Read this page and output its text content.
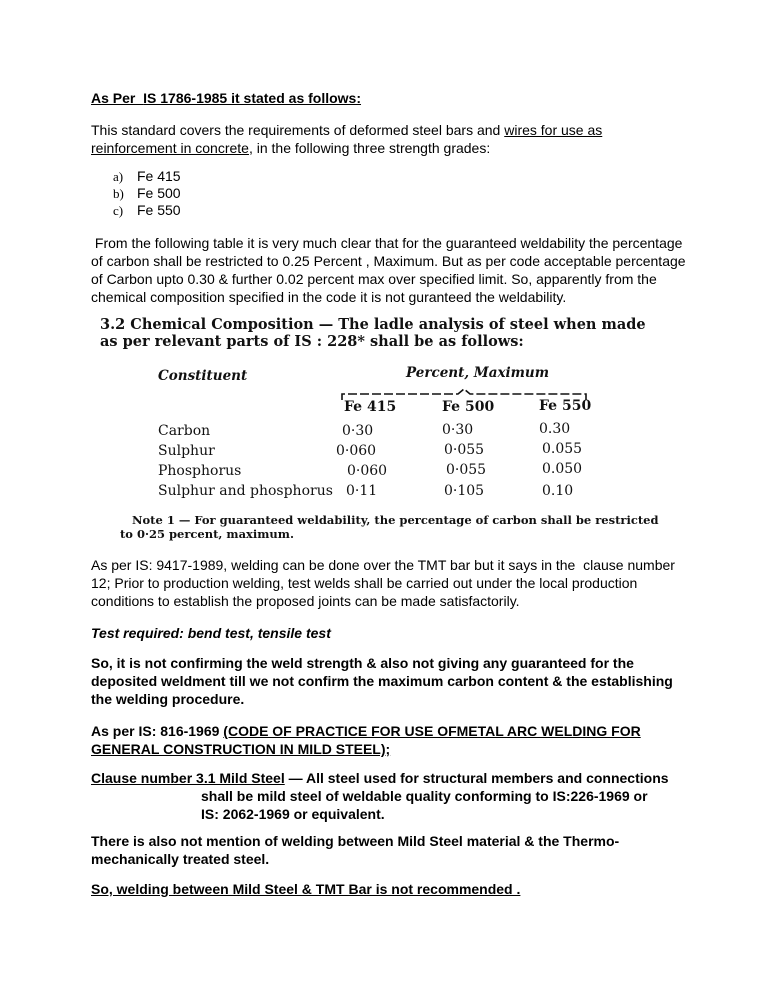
As Per  IS 1786-1985 it stated as follows:

This standard covers the requirements of deformed steel bars and wires for use as
reinforcement in concrete, in the following three strength grades:

a) Fe 415
b) Fe 500
c) Fe 550

From the following table it is very much clear that for the guaranteed weldability the percentage
of carbon shall be restricted to 0.25 Percent , Maximum. But as per code acceptable percentage
of Carbon upto 0.30 & further 0.02 percent max over specified limit. So, apparently from the
chemical composition specified in the code it is not guranteed the weldability.

3.2 Chemical Composition — The ladle analysis of steel when made
as per relevant parts of IS : 228* shall be as follows:
Constituent	Percent, Maximum
Fe 415	Fe 500	Fe 550
Carbon	0·30	0·30	0.30
Sulphur	0·060	0·055	0.055
Phosphorus	0·060	0·055	0.050
Sulphur and phosphorus 0·11	0·105	0.10
Note 1 — For guaranteed weldability, the percentage of carbon shall be restricted
to 0·25 percent, maximum.

As per IS: 9417-1989, welding can be done over the TMT bar but it says in the  clause number
12; Prior to production welding, test welds shall be carried out under the local production
conditions to establish the proposed joints can be made satisfactorily.

Test required: bend test, tensile test

So, it is not confirming the weld strength & also not giving any guaranteed for the
deposited weldment till we not confirm the maximum carbon content & the establishing
the welding procedure.

As per IS: 816-1969 (CODE OF PRACTICE FOR USE OFMETAL ARC WELDING FOR
GENERAL CONSTRUCTION IN MILD STEEL);

Clause number 3.1 Mild Steel — All steel used for structural members and connections
shall be mild steel of weldable quality conforming to IS:226-1969 or
IS: 2062-1969 or equivalent.

There is also not mention of welding between Mild Steel material & the Thermo-
mechanically treated steel.

So, welding between Mild Steel & TMT Bar is not recommended .
